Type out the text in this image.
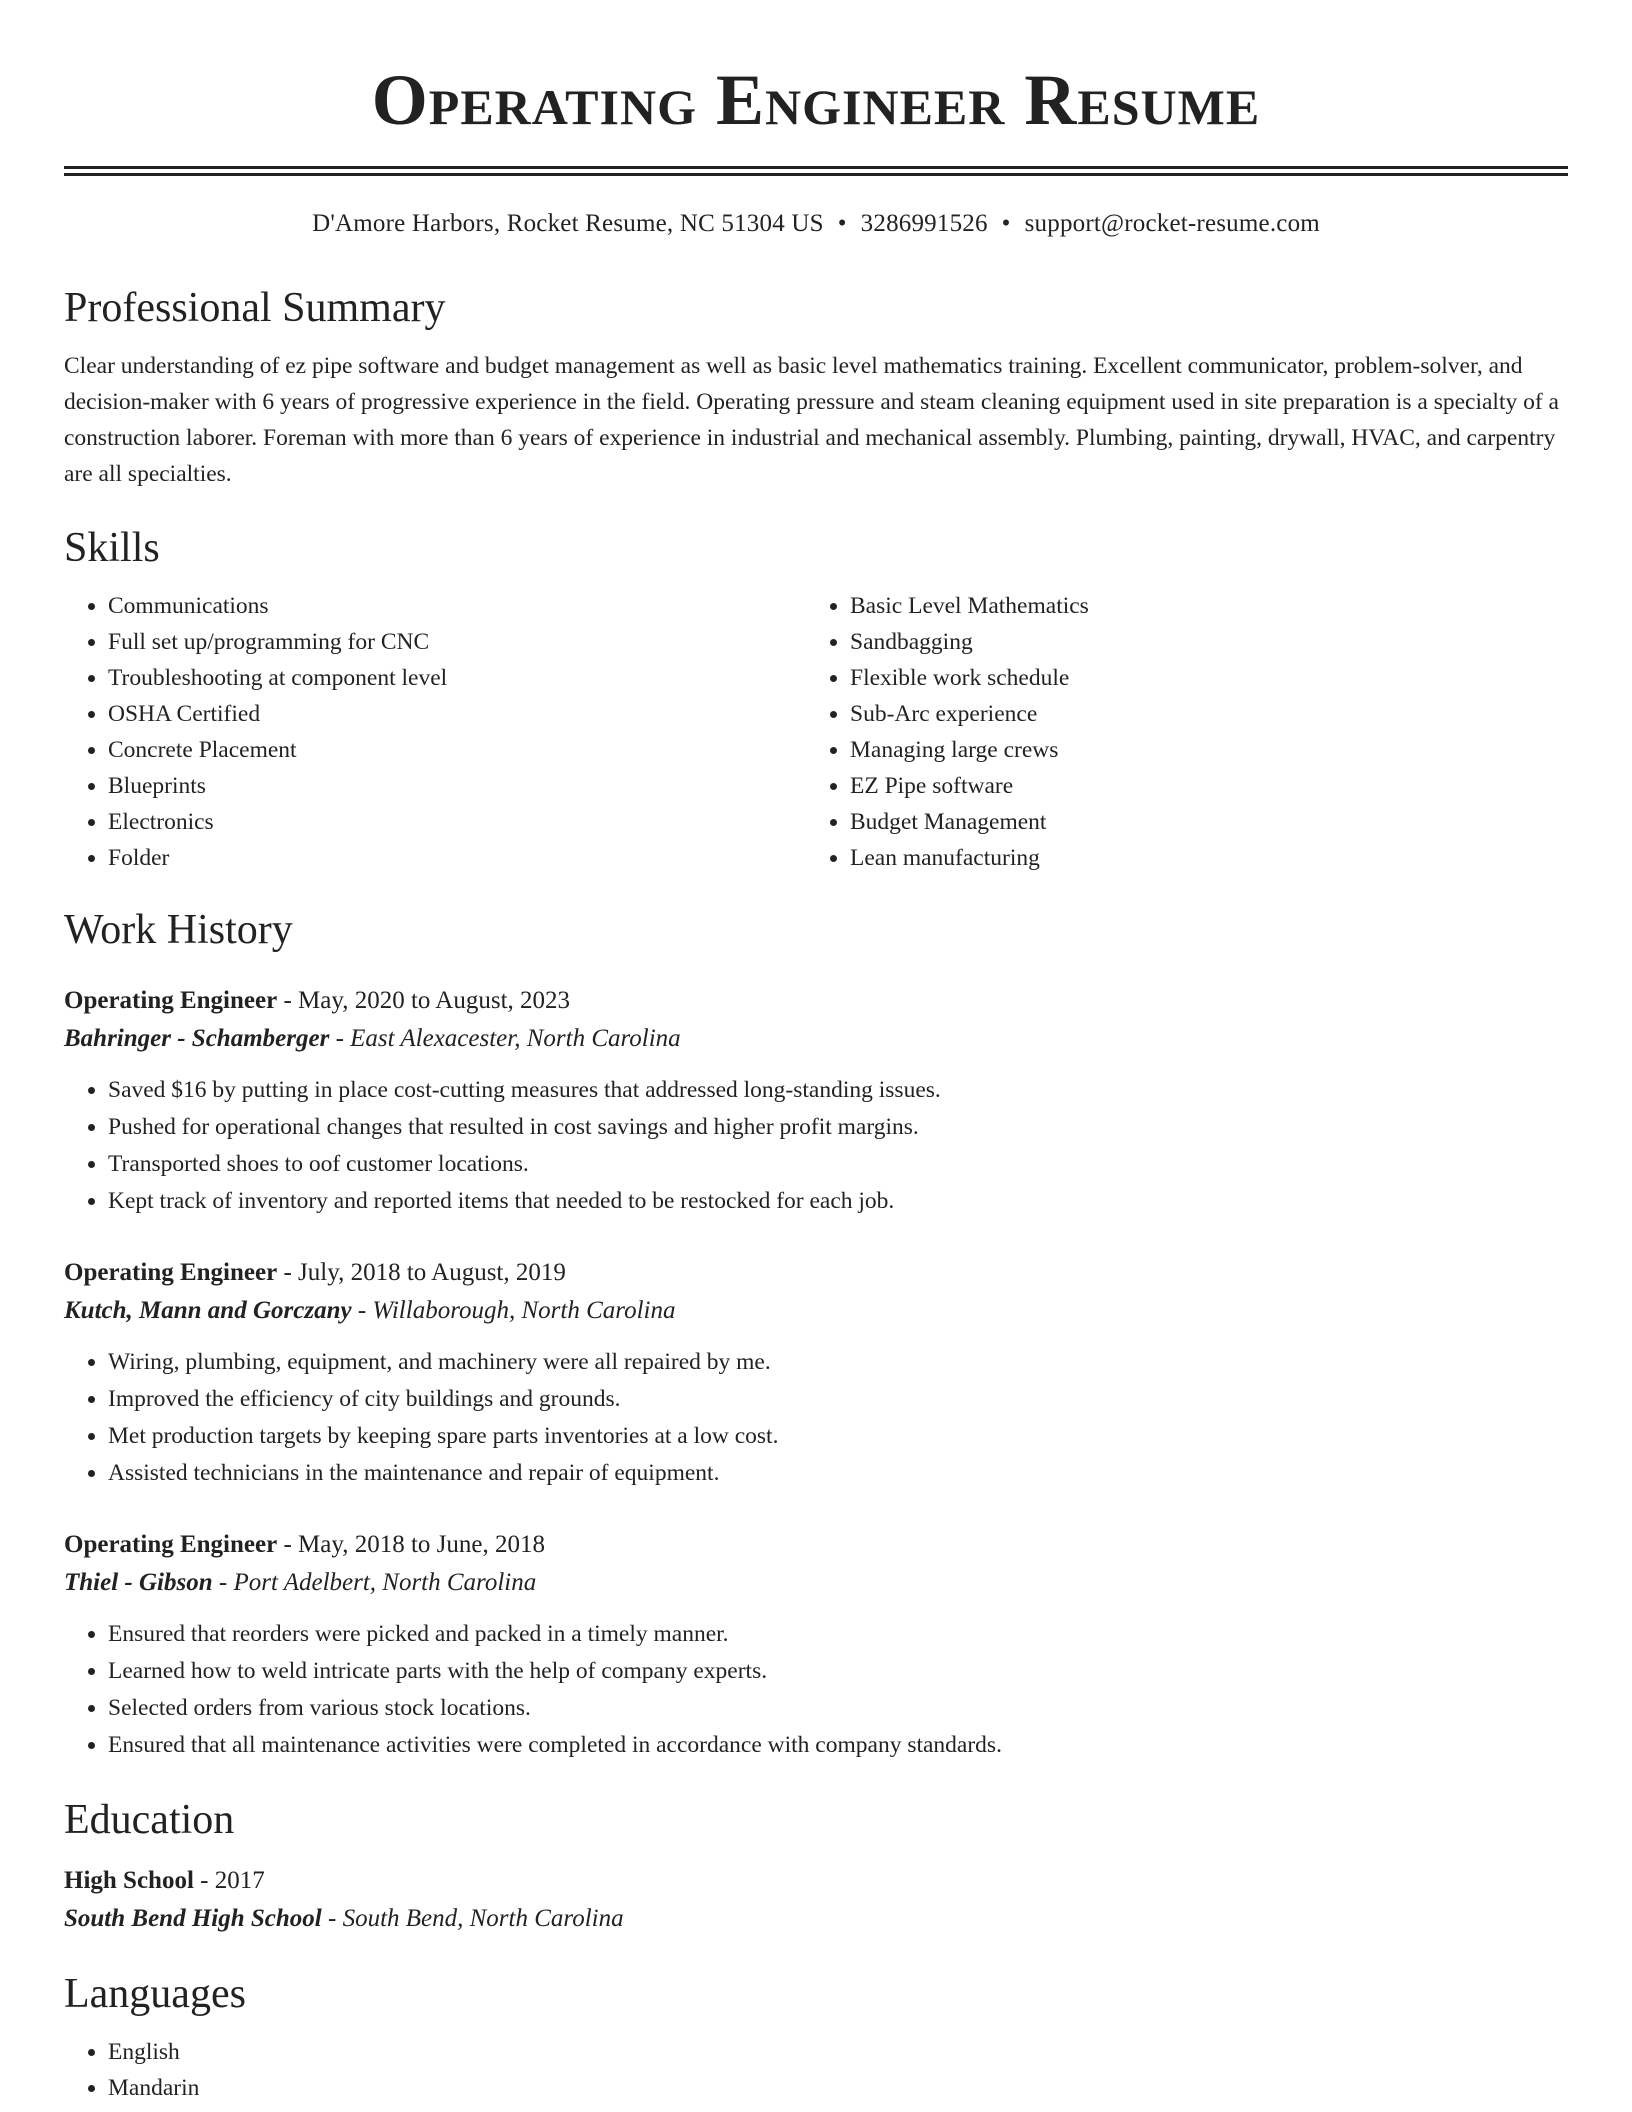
Operating Engineer Resume
D'Amore Harbors, Rocket Resume, NC 51304 US • 3286991526 • support@rocket-resume.com
Professional Summary

Clear understanding of ez pipe software and budget management as well as basic level mathematics training. Excellent communicator, problem-solver, and decision-maker with 6 years of progressive experience in the field. Operating pressure and steam cleaning equipment used in site preparation is a specialty of a construction laborer. Foreman with more than 6 years of experience in industrial and mechanical assembly. Plumbing, painting, drywall, HVAC, and carpentry are all specialties.

Skills
• Communications
• Full set up/programming for CNC
• Troubleshooting at component level
• OSHA Certified
• Concrete Placement
• Blueprints
• Electronics
• Folder
• Basic Level Mathematics
• Sandbagging
• Flexible work schedule
• Sub-Arc experience
• Managing large crews
• EZ Pipe software
• Budget Management
• Lean manufacturing
Work History
Operating Engineer - May, 2020 to August, 2023
Bahringer - Schamberger - East Alexacester, North Carolina
• Saved $16 by putting in place cost-cutting measures that addressed long-standing issues.
• Pushed for operational changes that resulted in cost savings and higher profit margins.
• Transported shoes to oof customer locations.
• Kept track of inventory and reported items that needed to be restocked for each job.
Operating Engineer - July, 2018 to August, 2019
Kutch, Mann and Gorczany - Willaborough, North Carolina
• Wiring, plumbing, equipment, and machinery were all repaired by me.
• Improved the efficiency of city buildings and grounds.
• Met production targets by keeping spare parts inventories at a low cost.
• Assisted technicians in the maintenance and repair of equipment.
Operating Engineer - May, 2018 to June, 2018
Thiel - Gibson - Port Adelbert, North Carolina
• Ensured that reorders were picked and packed in a timely manner.
• Learned how to weld intricate parts with the help of company experts.
• Selected orders from various stock locations.
• Ensured that all maintenance activities were completed in accordance with company standards.
Education
High School - 2017
South Bend High School - South Bend, North Carolina
Languages
• English
• Mandarin
